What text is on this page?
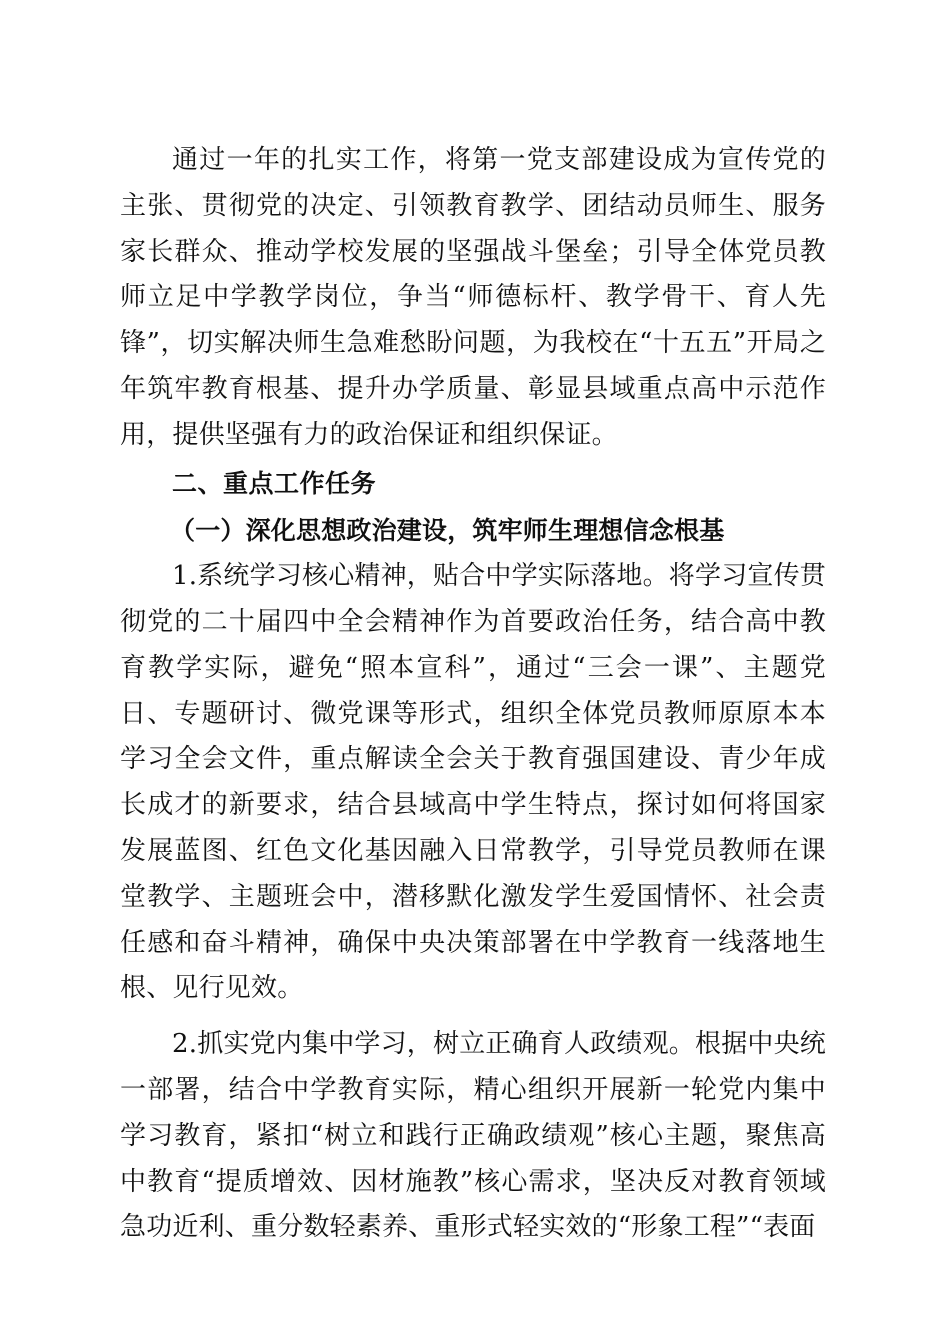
通过一年的扎实工作，将第一党支部建设成为宣传党的主张、贯彻党的决定、引领教育教学、团结动员师生、服务家长群众、推动学校发展的坚强战斗堡垒；引导全体党员教师立足中学教学岗位，争当“师德标杆、教学骨干、育人先锋”，切实解决师生急难愁盼问题，为我校在“十五五”开局之年筑牢教育根基、提升办学质量、彰显县域重点高中示范作用，提供坚强有力的政治保证和组织保证。

二、重点工作任务

（一）深化思想政治建设，筑牢师生理想信念根基

1.系统学习核心精神，贴合中学实际落地。将学习宣传贯彻党的二十届四中全会精神作为首要政治任务，结合高中教育教学实际，避免“照本宣科”，通过“三会一课”、主题党日、专题研讨、微党课等形式，组织全体党员教师原原本本学习全会文件，重点解读全会关于教育强国建设、青少年成长成才的新要求，结合县域高中学生特点，探讨如何将国家发展蓝图、红色文化基因融入日常教学，引导党员教师在课堂教学、主题班会中，潜移默化激发学生爱国情怀、社会责任感和奋斗精神，确保中央决策部署在中学教育一线落地生根、见行见效。

2.抓实党内集中学习，树立正确育人政绩观。根据中央统一部署，结合中学教育实际，精心组织开展新一轮党内集中学习教育，紧扣“树立和践行正确政绩观”核心主题，聚焦高中教育“提质增效、因材施教”核心需求，坚决反对教育领域急功近利、重分数轻素养、重形式轻实效的“形象工程”“表面
